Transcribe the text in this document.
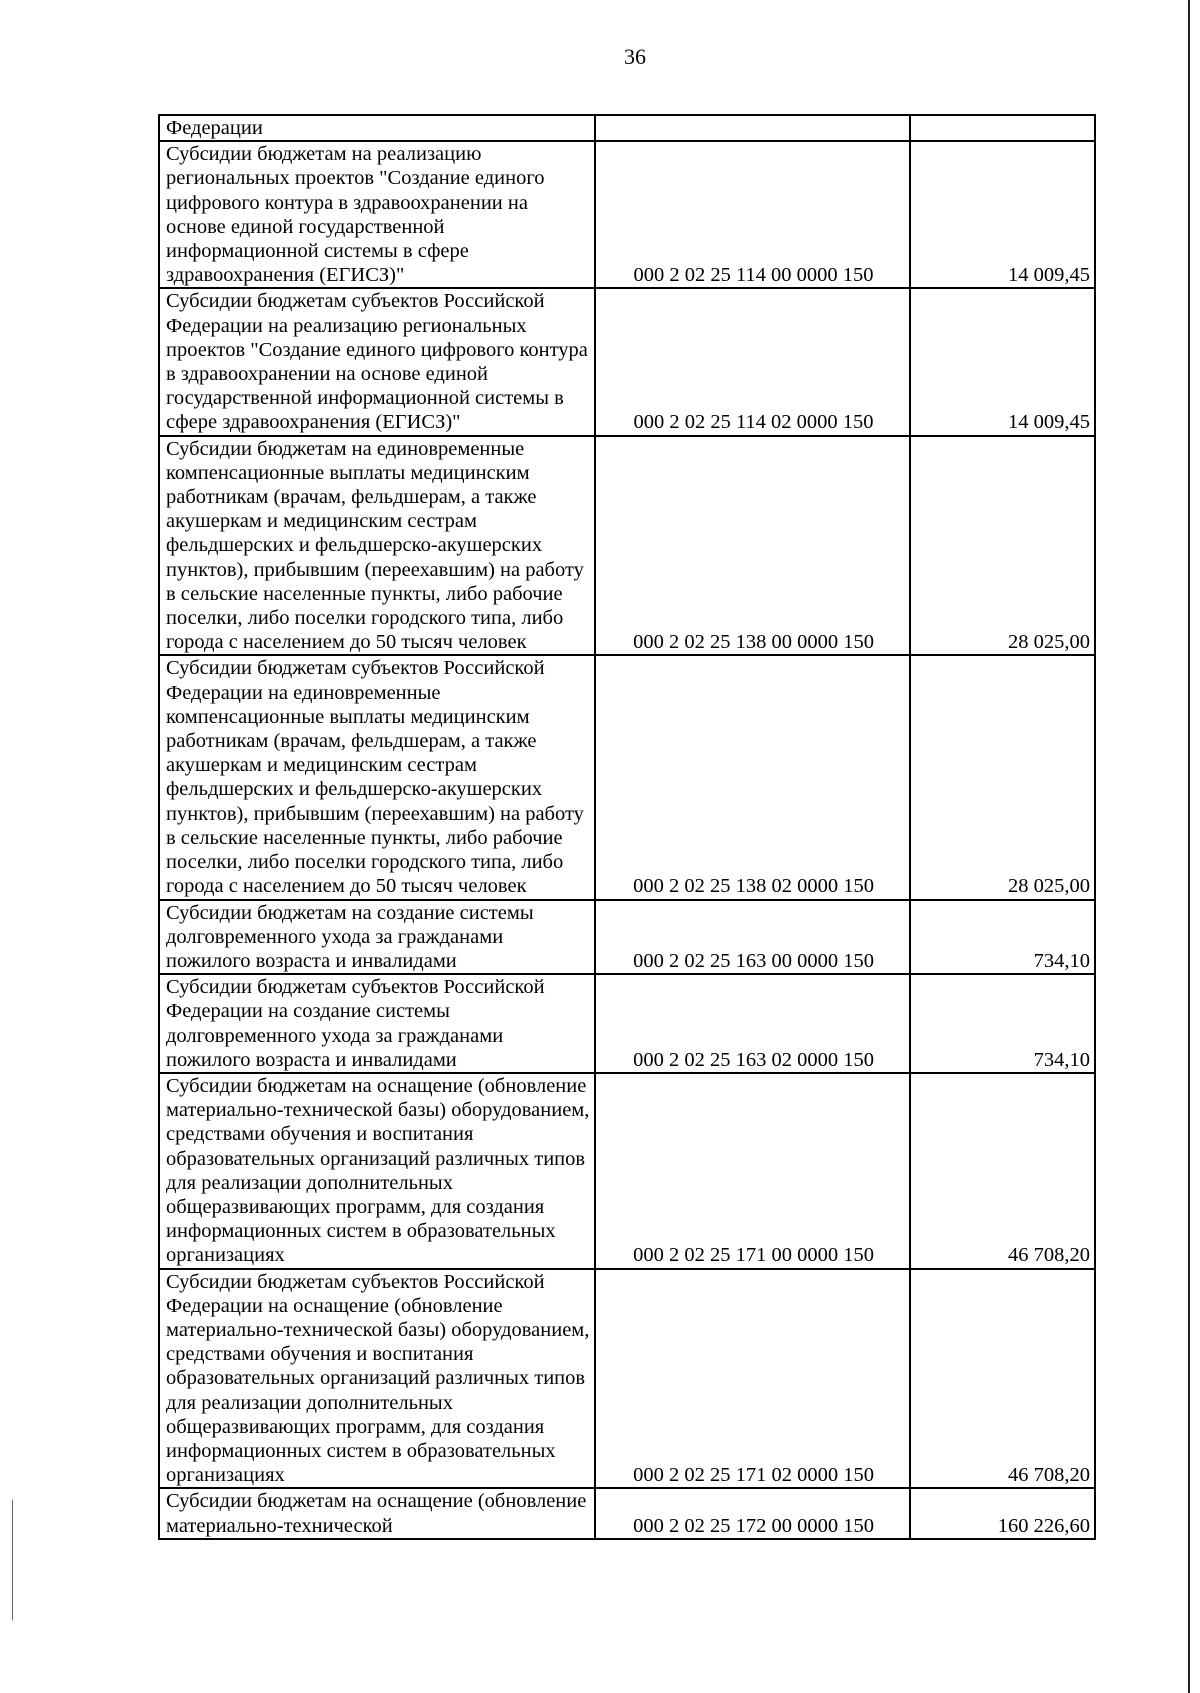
36
Федерации		
Субсидии бюджетам на реализацию региональных проектов "Создание единого цифрового контура в здравоохранении на основе единой государственной информационной системы в сфере здравоохранения (ЕГИСЗ)"	000 2 02 25 114 00 0000 150	14 009,45
Субсидии бюджетам субъектов Российской Федерации на реализацию региональных проектов "Создание единого цифрового контура в здравоохранении на основе единой государственной информационной системы в сфере здравоохранения (ЕГИСЗ)"	000 2 02 25 114 02 0000 150	14 009,45
Субсидии бюджетам на единовременные компенсационные выплаты медицинским работникам (врачам, фельдшерам, а также акушеркам и медицинским сестрам фельдшерских и фельдшерско-акушерских пунктов), прибывшим (переехавшим) на работу в сельские населенные пункты, либо рабочие поселки, либо поселки городского типа, либо города с населением до 50 тысяч человек	000 2 02 25 138 00 0000 150	28 025,00
Субсидии бюджетам субъектов Российской Федерации на единовременные компенсационные выплаты медицинским работникам (врачам, фельдшерам, а также акушеркам и медицинским сестрам фельдшерских и фельдшерско-акушерских пунктов), прибывшим (переехавшим) на работу в сельские населенные пункты, либо рабочие поселки, либо поселки городского типа, либо города с населением до 50 тысяч человек	000 2 02 25 138 02 0000 150	28 025,00
Субсидии бюджетам на создание системы долговременного ухода за гражданами пожилого возраста и инвалидами	000 2 02 25 163 00 0000 150	734,10
Субсидии бюджетам субъектов Российской Федерации на создание системы долговременного ухода за гражданами пожилого возраста и инвалидами	000 2 02 25 163 02 0000 150	734,10
Субсидии бюджетам на оснащение (обновление материально-технической базы) оборудованием, средствами обучения и воспитания образовательных организаций различных типов для реализации дополнительных общеразвивающих программ, для создания информационных систем в образовательных организациях	000 2 02 25 171 00 0000 150	46 708,20
Субсидии бюджетам субъектов Российской Федерации на оснащение (обновление материально-технической базы) оборудованием, средствами обучения и воспитания образовательных организаций различных типов для реализации дополнительных общеразвивающих программ, для создания информационных систем в образовательных организациях	000 2 02 25 171 02 0000 150	46 708,20
Субсидии бюджетам на оснащение (обновление материально-технической	000 2 02 25 172 00 0000 150	160 226,60
